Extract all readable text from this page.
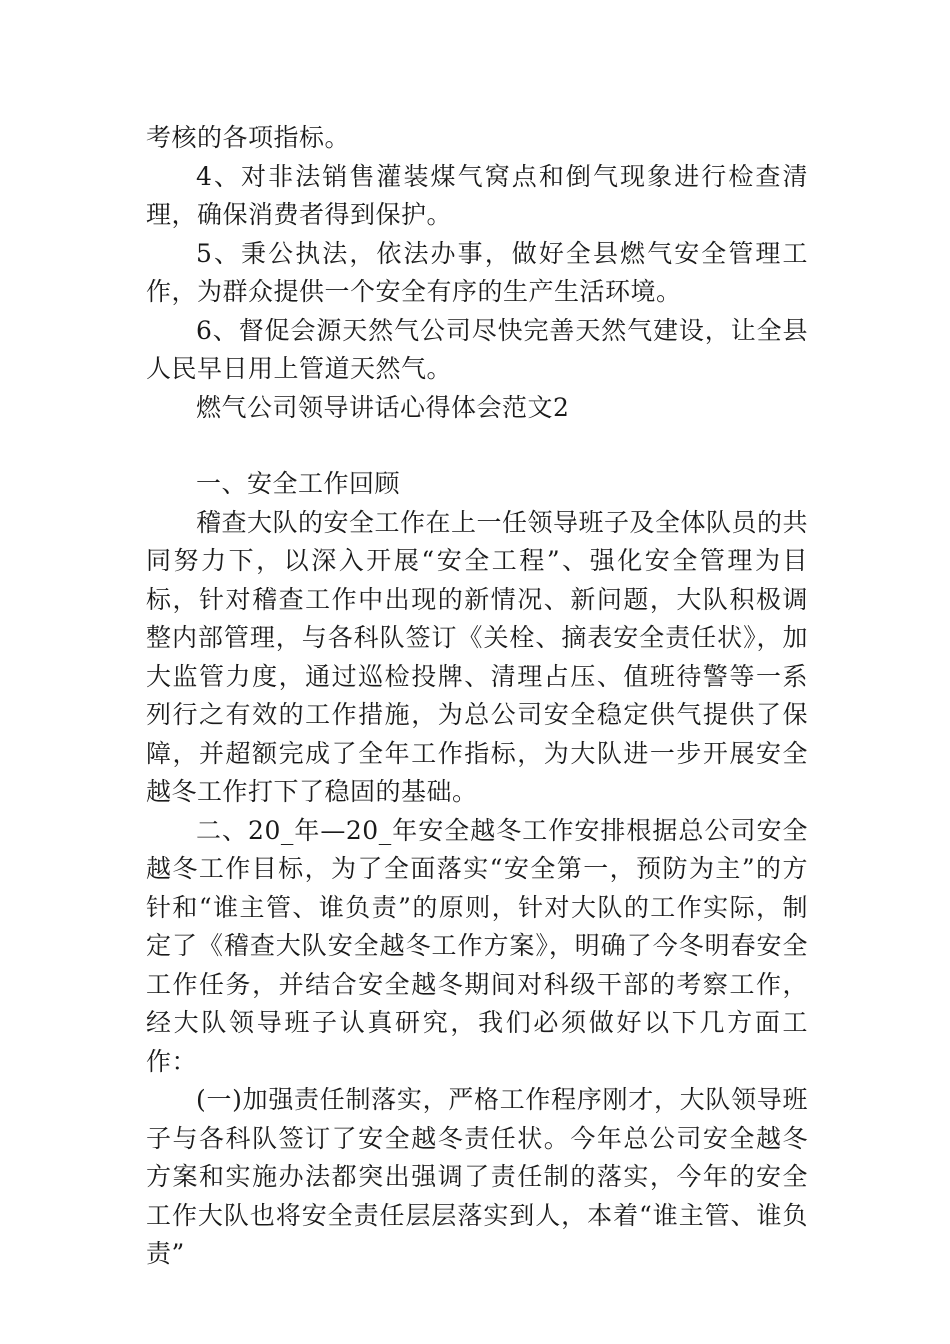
考核的各项指标。

4、对非法销售灌装煤气窝点和倒气现象进行检查清理，确保消费者得到保护。

5、秉公执法，依法办事，做好全县燃气安全管理工作，为群众提供一个安全有序的生产生活环境。

6、督促会源天然气公司尽快完善天然气建设，让全县人民早日用上管道天然气。

燃气公司领导讲话心得体会范文2

一、安全工作回顾

稽查大队的安全工作在上一任领导班子及全体队员的共同努力下，以深入开展“安全工程”、强化安全管理为目标，针对稽查工作中出现的新情况、新问题，大队积极调整内部管理，与各科队签订《关栓、摘表安全责任状》，加大监管力度，通过巡检投牌、清理占压、值班待警等一系列行之有效的工作措施，为总公司安全稳定供气提供了保障，并超额完成了全年工作指标，为大队进一步开展安全越冬工作打下了稳固的基础。

二、20_年—20_年安全越冬工作安排根据总公司安全越冬工作目标，为了全面落实“安全第一，预防为主”的方针和“谁主管、谁负责”的原则，针对大队的工作实际，制定了《稽查大队安全越冬工作方案》，明确了今冬明春安全工作任务，并结合安全越冬期间对科级干部的考察工作，经大队领导班子认真研究，我们必须做好以下几方面工作：

(一)加强责任制落实，严格工作程序刚才，大队领导班子与各科队签订了安全越冬责任状。今年总公司安全越冬方案和实施办法都突出强调了责任制的落实，今年的安全工作大队也将安全责任层层落实到人，本着“谁主管、谁负责”
